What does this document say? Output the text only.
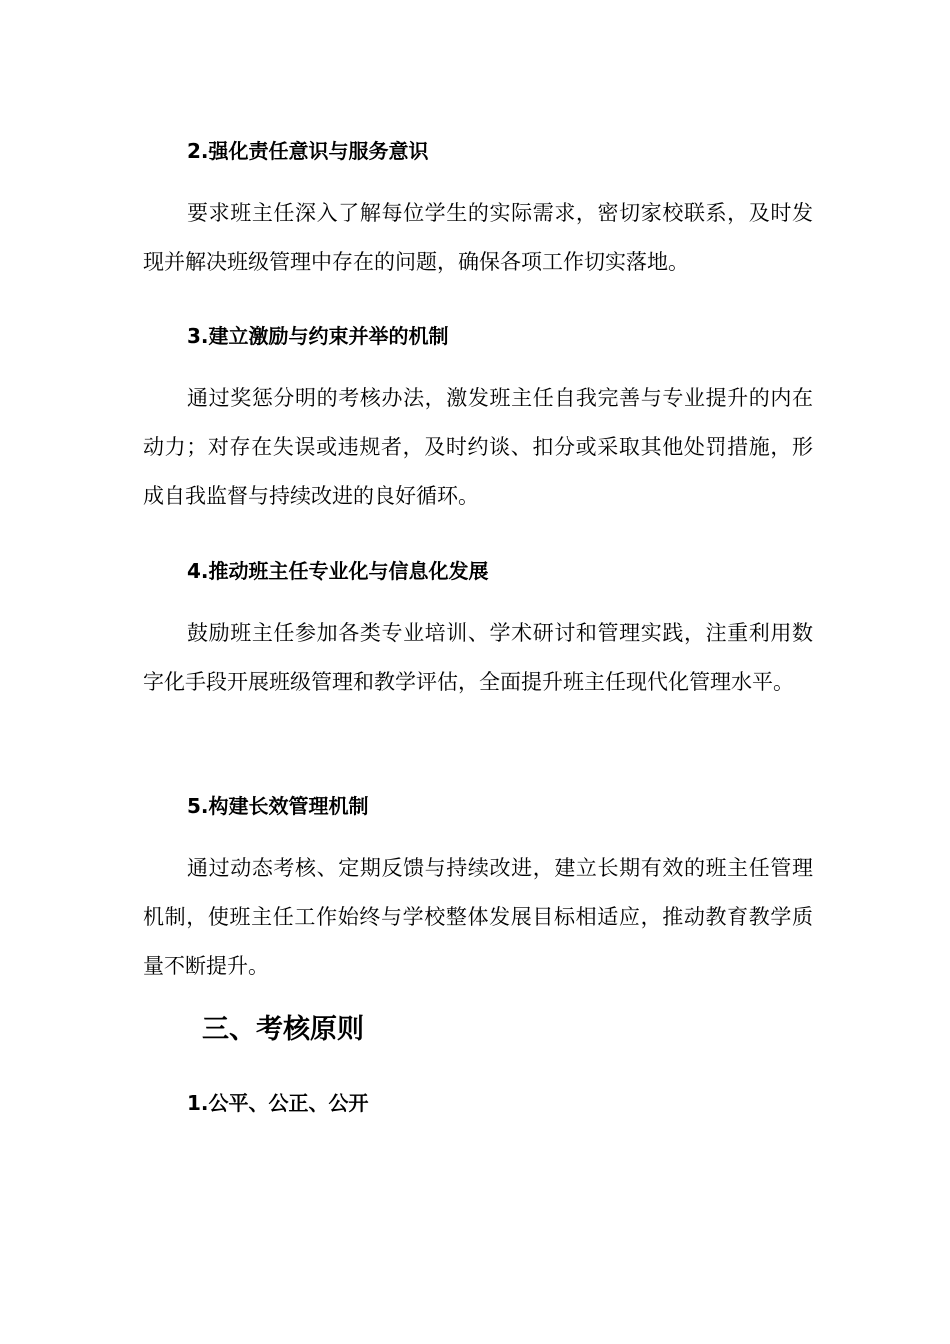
2.强化责任意识与服务意识

要求班主任深入了解每位学生的实际需求，密切家校联系，及时发现并解决班级管理中存在的问题，确保各项工作切实落地。

3.建立激励与约束并举的机制

通过奖惩分明的考核办法，激发班主任自我完善与专业提升的内在动力；对存在失误或违规者，及时约谈、扣分或采取其他处罚措施，形成自我监督与持续改进的良好循环。

4.推动班主任专业化与信息化发展

鼓励班主任参加各类专业培训、学术研讨和管理实践，注重利用数字化手段开展班级管理和教学评估，全面提升班主任现代化管理水平。

5.构建长效管理机制

通过动态考核、定期反馈与持续改进，建立长期有效的班主任管理机制，使班主任工作始终与学校整体发展目标相适应，推动教育教学质量不断提升。

三、考核原则
1.公平、公正、公开
